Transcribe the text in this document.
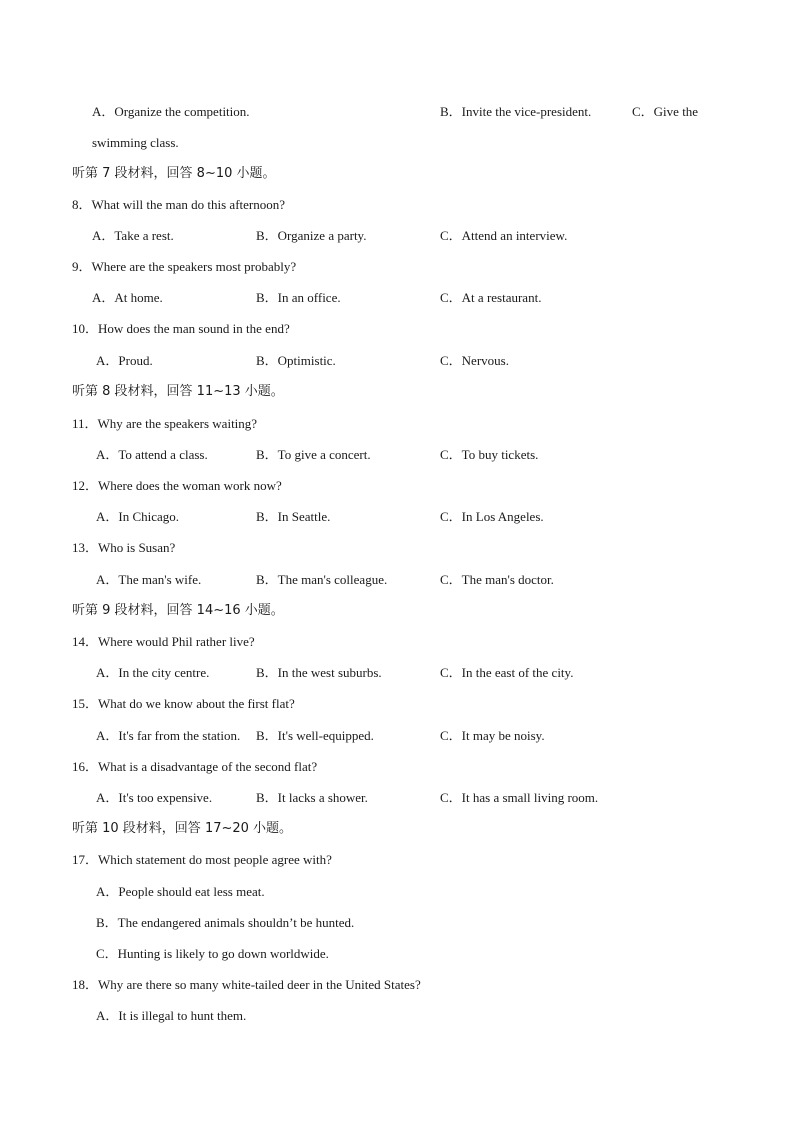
A．Organize the competition.	B．Invite the vice-president.	C．Give the
swimming class.
听第 7 段材料，回答 8~10 小题。
8．What will the man do this afternoon?
A．Take a rest.	B．Organize a party.	C．Attend an interview.
9．Where are the speakers most probably?
A．At home.	B．In an office.	C．At a restaurant.
10．How does the man sound in the end?
A．Proud.	B．Optimistic.	C．Nervous.
听第 8 段材料，回答 11~13 小题。
11．Why are the speakers waiting?
A．To attend a class.	B．To give a concert.	C．To buy tickets.
12．Where does the woman work now?
A．In Chicago.	B．In Seattle.	C．In Los Angeles.
13．Who is Susan?
A．The man's wife.	B．The man's colleague.	C．The man's doctor.
听第 9 段材料，回答 14~16 小题。
14．Where would Phil rather live?
A．In the city centre.	B．In the west suburbs.	C．In the east of the city.
15．What do we know about the first flat?
A．It's far from the station. B．It's well-equipped.	C．It may be noisy.
16．What is a disadvantage of the second flat?
A．It's too expensive.	B．It lacks a shower.	C．It has a small living room.
听第 10 段材料，回答 17~20 小题。
17．Which statement do most people agree with?
A．People should eat less meat.
B．The endangered animals shouldn’t be hunted.
C．Hunting is likely to go down worldwide.
18．Why are there so many white-tailed deer in the United States?
A．It is illegal to hunt them.
